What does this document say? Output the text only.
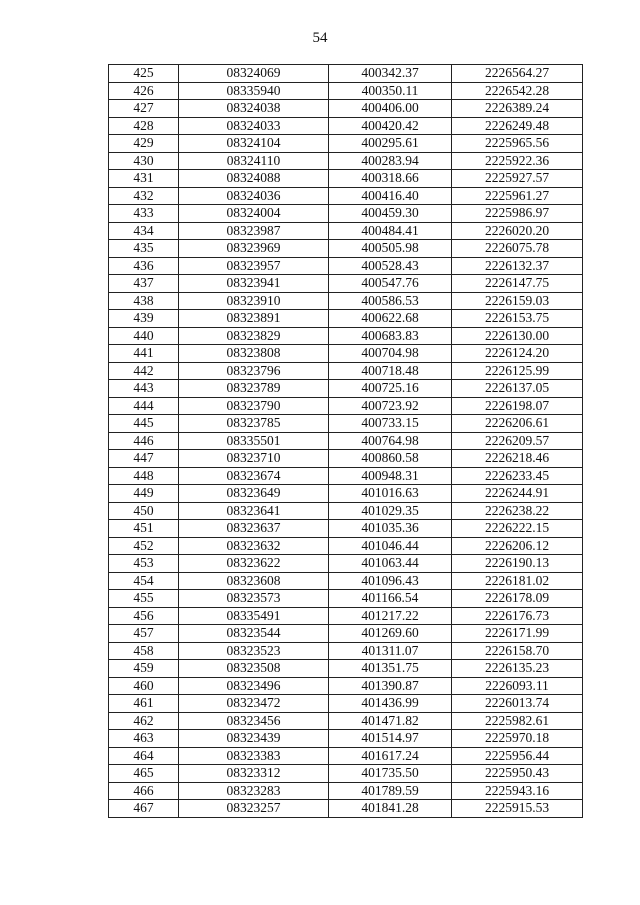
54
425	08324069	400342.37	2226564.27
426	08335940	400350.11	2226542.28
427	08324038	400406.00	2226389.24
428	08324033	400420.42	2226249.48
429	08324104	400295.61	2225965.56
430	08324110	400283.94	2225922.36
431	08324088	400318.66	2225927.57
432	08324036	400416.40	2225961.27
433	08324004	400459.30	2225986.97
434	08323987	400484.41	2226020.20
435	08323969	400505.98	2226075.78
436	08323957	400528.43	2226132.37
437	08323941	400547.76	2226147.75
438	08323910	400586.53	2226159.03
439	08323891	400622.68	2226153.75
440	08323829	400683.83	2226130.00
441	08323808	400704.98	2226124.20
442	08323796	400718.48	2226125.99
443	08323789	400725.16	2226137.05
444	08323790	400723.92	2226198.07
445	08323785	400733.15	2226206.61
446	08335501	400764.98	2226209.57
447	08323710	400860.58	2226218.46
448	08323674	400948.31	2226233.45
449	08323649	401016.63	2226244.91
450	08323641	401029.35	2226238.22
451	08323637	401035.36	2226222.15
452	08323632	401046.44	2226206.12
453	08323622	401063.44	2226190.13
454	08323608	401096.43	2226181.02
455	08323573	401166.54	2226178.09
456	08335491	401217.22	2226176.73
457	08323544	401269.60	2226171.99
458	08323523	401311.07	2226158.70
459	08323508	401351.75	2226135.23
460	08323496	401390.87	2226093.11
461	08323472	401436.99	2226013.74
462	08323456	401471.82	2225982.61
463	08323439	401514.97	2225970.18
464	08323383	401617.24	2225956.44
465	08323312	401735.50	2225950.43
466	08323283	401789.59	2225943.16
467	08323257	401841.28	2225915.53
